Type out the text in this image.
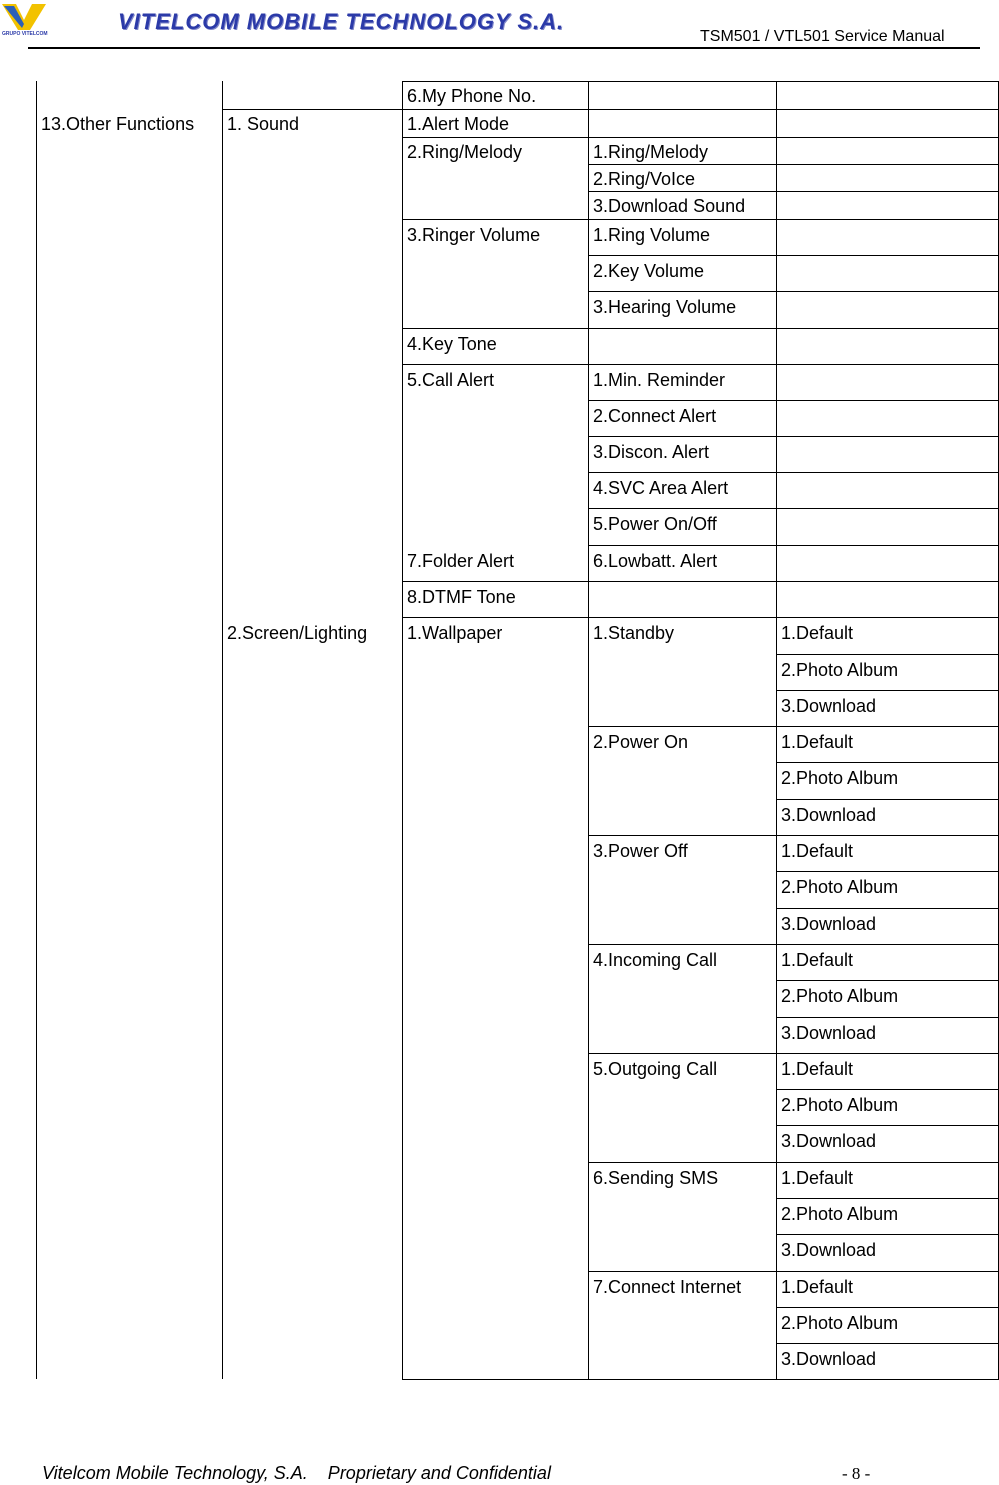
GRUPO VITELCOM	VITELCOM MOBILE TECHNOLOGY S.A.
TSM501 / VTL501 Service Manual
13.Other Functions 1. Sound
2.Screen/Lighting
6.My Phone No.
1.Alert Mode
2.Ring/Melody
3.Ringer Volume
4.Key Tone
5.Call Alert
7.Folder Alert
8.DTMF Tone
1.Wallpaper
1.Ring/Melody
2.Ring/VoIce
3.Download Sound
1.Ring Volume
2.Key Volume
3.Hearing Volume
1.Min. Reminder
2.Connect Alert
3.Discon. Alert
4.SVC Area Alert
5.Power On/Off
6.Lowbatt. Alert
1.Standby
2.Power On
3.Power Off
4.Incoming Call
5.Outgoing Call
6.Sending SMS
7.Connect Internet
1.Default
2.Photo Album
3.Download
1.Default
2.Photo Album
3.Download
1.Default
2.Photo Album
3.Download
1.Default
2.Photo Album
3.Download
1.Default
2.Photo Album
3.Download
1.Default
2.Photo Album
3.Download
1.Default
2.Photo Album
3.Download
Vitelcom Mobile Technology, S.A.    Proprietary and Confidential	- 8 -
